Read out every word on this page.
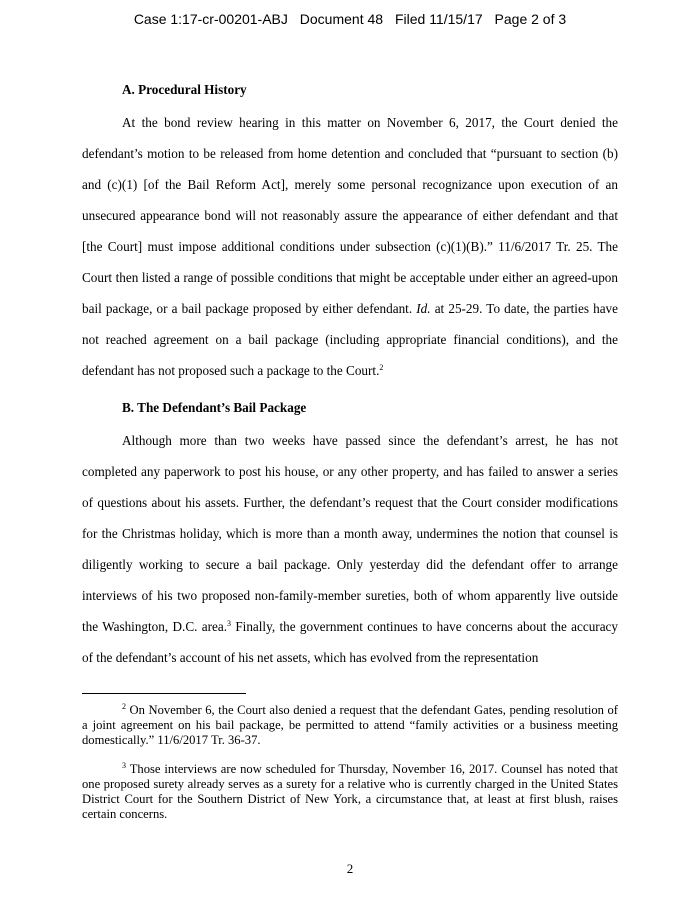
Case 1:17-cr-00201-ABJ Document 48 Filed 11/15/17 Page 2 of 3
A. Procedural History

At the bond review hearing in this matter on November 6, 2017, the Court denied the defendant’s motion to be released from home detention and concluded that “pursuant to section (b) and (c)(1) [of the Bail Reform Act], merely some personal recognizance upon execution of an unsecured appearance bond will not reasonably assure the appearance of either defendant and that [the Court] must impose additional conditions under subsection (c)(1)(B).” 11/6/2017 Tr. 25. The Court then listed a range of possible conditions that might be acceptable under either an agreed-upon bail package, or a bail package proposed by either defendant. Id. at 25-29. To date, the parties have not reached agreement on a bail package (including appropriate financial conditions), and the defendant has not proposed such a package to the Court.$^2$

B. The Defendant’s Bail Package

Although more than two weeks have passed since the defendant’s arrest, he has not completed any paperwork to post his house, or any other property, and has failed to answer a series of questions about his assets. Further, the defendant’s request that the Court consider modifications for the Christmas holiday, which is more than a month away, undermines the notion that counsel is diligently working to secure a bail package. Only yesterday did the defendant offer to arrange interviews of his two proposed non-family-member sureties, both of whom apparently live outside the Washington, D.C. area.$^3$ Finally, the government continues to have concerns about the accuracy of the defendant’s account of his net assets, which has evolved from the representation

$^2$ On November 6, the Court also denied a request that the defendant Gates, pending resolution of a joint agreement on his bail package, be permitted to attend “family activities or a business meeting domestically.” 11/6/2017 Tr. 36-37.

$^3$ Those interviews are now scheduled for Thursday, November 16, 2017. Counsel has noted that one proposed surety already serves as a surety for a relative who is currently charged in the United States District Court for the Southern District of New York, a circumstance that, at least at first blush, raises certain concerns.

2
